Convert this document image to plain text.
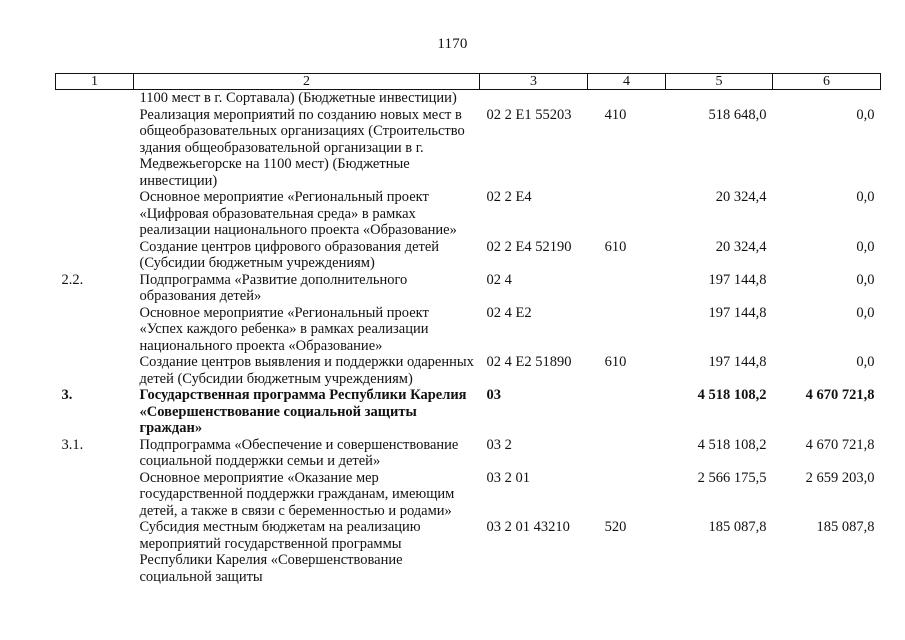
1170
1	2	3	4	5	6
	1100 мест в г. Сортавала) (Бюджетные инвестиции)				
	Реализация мероприятий по созданию новых мест в общеобразовательных организациях (Строительство здания общеобразовательной организации в г. Медвежьегорске на 1100 мест) (Бюджетные инвестиции)	02 2 E1 55203	410	518 648,0	0,0
	Основное мероприятие «Региональный проект «Цифровая образовательная среда» в рамках реализации национального проекта «Образование»	02 2 E4		20 324,4	0,0
	Создание центров цифрового образования детей (Субсидии бюджетным учреждениям)	02 2 E4 52190	610	20 324,4	0,0
2.2.	Подпрограмма «Развитие дополнительного образования детей»	02 4		197 144,8	0,0
	Основное мероприятие «Региональный проект «Успех каждого ребенка» в рамках реализации национального проекта «Образование»	02 4 E2		197 144,8	0,0
	Создание центров выявления и поддержки одаренных детей (Субсидии бюджетным учреждениям)	02 4 E2 51890	610	197 144,8	0,0
3.	Государственная программа Республики Карелия «Совершенствование социальной защиты граждан»	03		4 518 108,2	4 670 721,8
3.1.	Подпрограмма «Обеспечение и совершенствование социальной поддержки семьи и детей»	03 2		4 518 108,2	4 670 721,8
	Основное мероприятие «Оказание мер государственной поддержки гражданам, имеющим детей, а также в связи с беременностью и родами»	03 2 01		2 566 175,5	2 659 203,0
	Субсидия местным бюджетам на реализацию мероприятий государственной программы Республики Карелия «Совершенствование социальной защиты	03 2 01 43210	520	185 087,8	185 087,8
